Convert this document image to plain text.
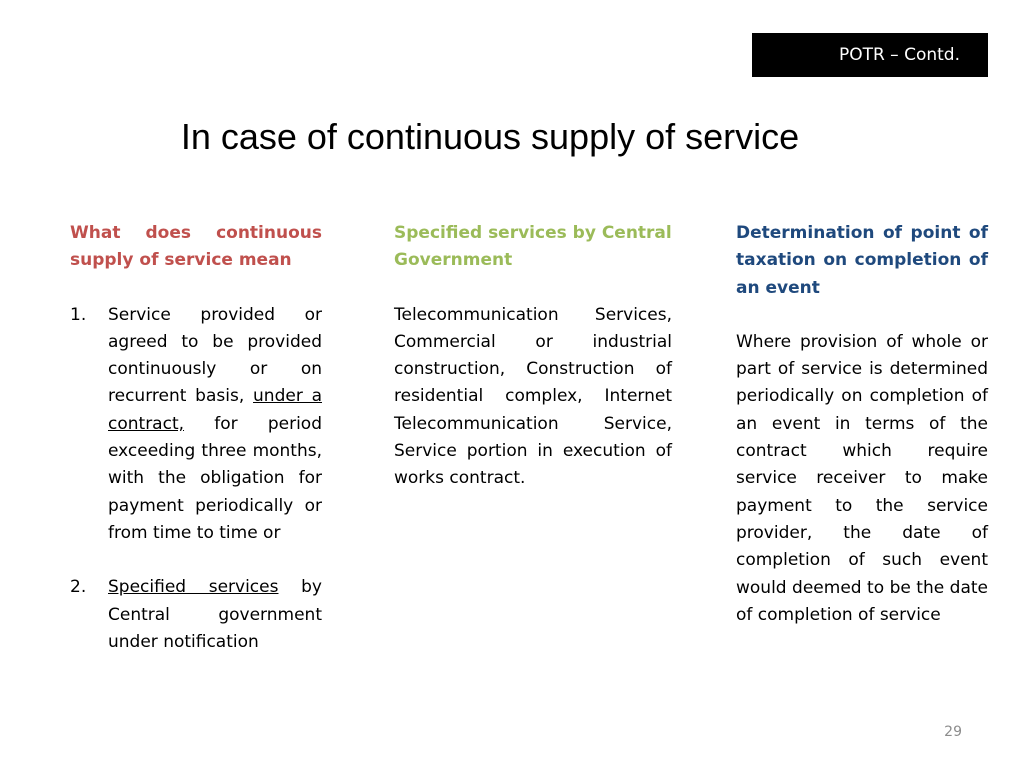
POTR – Contd.
In case of continuous supply of service

What does continuous supply of service mean

1. Service provided or agreed to be provided continuously or on recurrent basis, under a contract, for period exceeding three months, with the obligation for payment periodically or from time to time or
2. Specified services by Central government under notification

Specified services by Central Government

Telecommunication Services, Commercial or industrial construction, Construction of residential complex, Internet Telecommunication Service, Service portion in execution of works contract.

Determination of point of taxation on completion of an event

Where provision of whole or part of service is determined periodically on completion of an event in terms of the contract which require service receiver to make payment to the service provider, the date of completion of such event would deemed to be the date of completion of service

29
